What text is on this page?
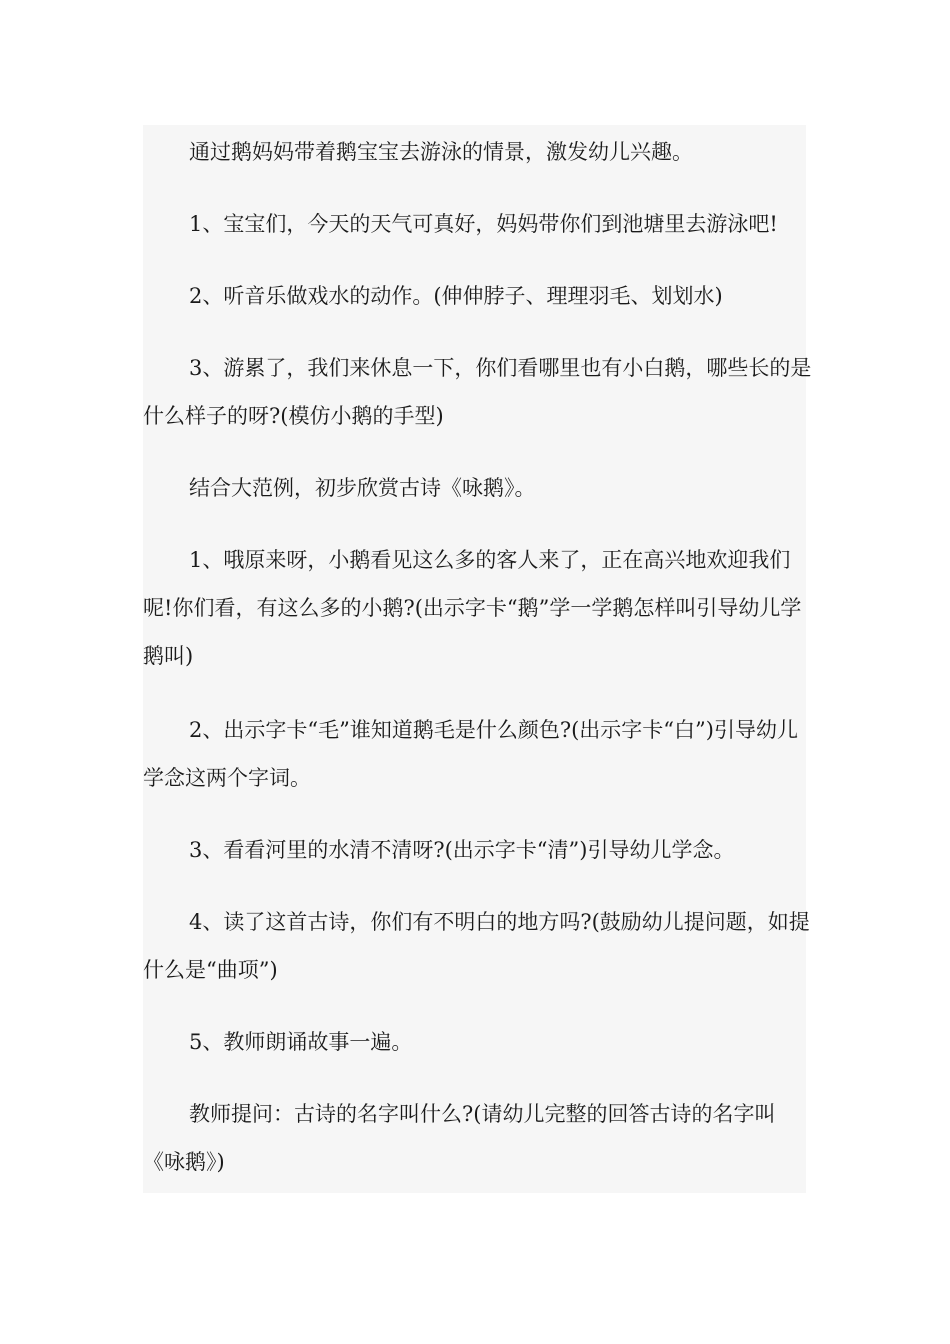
通过鹅妈妈带着鹅宝宝去游泳的情景，激发幼儿兴趣。

1、宝宝们，今天的天气可真好，妈妈带你们到池塘里去游泳吧!

2、听音乐做戏水的动作。(伸伸脖子、理理羽毛、划划水)

3、游累了，我们来休息一下，你们看哪里也有小白鹅，哪些长的是什么样子的呀?(模仿小鹅的手型)

结合大范例，初步欣赏古诗《咏鹅》。

1、哦原来呀，小鹅看见这么多的客人来了，正在高兴地欢迎我们呢!你们看，有这么多的小鹅?(出示字卡“鹅”学一学鹅怎样叫引导幼儿学鹅叫)

2、出示字卡“毛”谁知道鹅毛是什么颜色?(出示字卡“白”)引导幼儿学念这两个字词。

3、看看河里的水清不清呀?(出示字卡“清”)引导幼儿学念。

4、读了这首古诗，你们有不明白的地方吗?(鼓励幼儿提问题，如提什么是“曲项”)

5、教师朗诵故事一遍。

教师提问：古诗的名字叫什么?(请幼儿完整的回答古诗的名字叫《咏鹅》)
